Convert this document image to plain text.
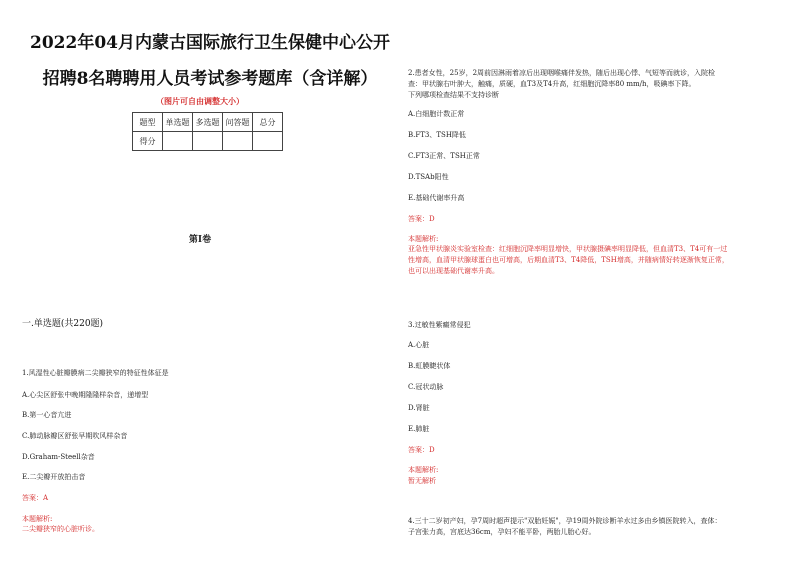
2022年04月内蒙古国际旅行卫生保健中心公开
招聘8名聘聘用人员考试参考题库（含详解）
（图片可自由调整大小）
题型	单选题	多选题	问答题	总分
得分				
第I卷
一.单选题(共220题)
1.风湿性心脏瓣膜病二尖瓣狭窄的特征性体征是
A.心尖区舒张中晚期隆隆样杂音，递增型
B.第一心音亢进
C.肺动脉瓣区舒张早期吹风样杂音
D.Graham-Steell杂音
E.二尖瓣开放拍击音
答案：A
本题解析:
二尖瓣狭窄的心脏听诊。
2.患者女性，25岁，2周前因淋雨着凉后出现咽喉痛伴发热，随后出现心悸、气短等而就诊，入院检
查：甲状腺右叶肿大，触痛，质硬，血T3及T4升高，红细胞沉降率80 mm/h，吸碘率下降。
下列哪项检查结果不支持诊断
A.白细胞计数正常
B.FT3、TSH降低
C.FT3正常、TSH正常
D.TSAb阳性
E.基础代谢率升高
答案：D
本题解析:
亚急性甲状腺炎实验室检查：红细胞沉降率明显增快，甲状腺摄碘率明显降低，但血清T3、T4可有一过
性增高，血清甲状腺球蛋白也可增高，后期血清T3、T4降低，TSH增高，并随病情好转逐渐恢复正常，
也可以出现基础代谢率升高。
3.过敏性紫癜常侵犯
A.心脏
B.虹膜睫状体
C.冠状动脉
D.肾脏
E.肺脏
答案：D
本题解析:
暂无解析
4.三十二岁初产妇，孕7周时超声提示"双胎妊娠"，孕19周外院诊断羊水过多由乡镇医院转入，查体：
子宫张力高，宫底达36cm，孕妇不能平卧，两胎儿胎心好。
